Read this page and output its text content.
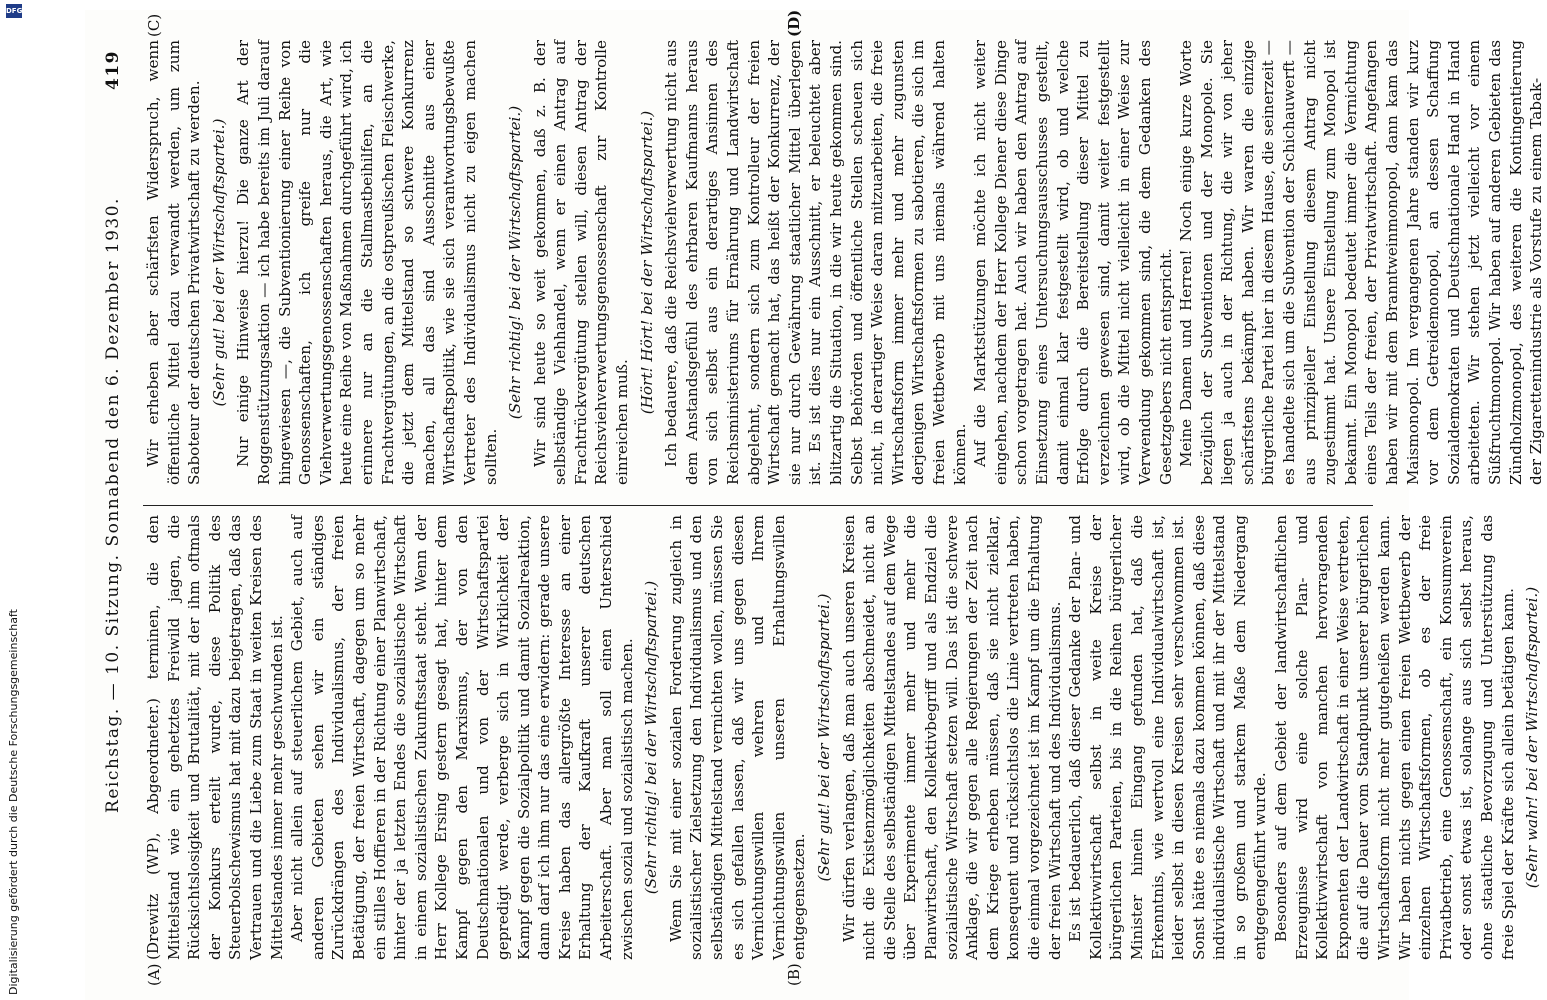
Reichstag. — 10. Sitzung. Sonnabend den 6. Dezember 1930.
419
(A)	(B)
(C)	(D)

(Drewitz (WP), Abgeordneter.) terminen, die den Mittelstand wie ein gehetztes Freiwild jagen, die Rücksichtslosigkeit und Brutalität, mit der ihm oftmals der Konkurs erteilt wurde, diese Politik des Steuerbolschewismus hat mit dazu beigetragen, daß das Vertrauen und die Liebe zum Staat in weiten Kreisen des Mittelstandes immer mehr geschwunden ist. Aber nicht allein auf steuerlichem Gebiet, auch auf anderen Gebieten sehen wir ein ständiges Zurückdrängen des Individualismus, der freien Betätigung, der freien Wirtschaft, dagegen um so mehr ein stilles Hoffieren in der Richtung einer Planwirtschaft, hinter der ja letzten Endes die sozialistische Wirtschaft in einem sozialistischen Zukunftsstaat steht. Wenn der Herr Kollege Ersing gestern gesagt hat, hinter dem Kampf gegen den Marxismus, der von den Deutschnationalen und von der Wirtschaftspartei gepredigt werde, verberge sich in Wirklichkeit der Kampf gegen die Sozialpolitik und damit Sozialreaktion, dann darf ich ihm nur das eine erwidern: gerade unsere Kreise haben das allergrößte Interesse an einer Erhaltung der Kaufkraft unserer deutschen Arbeiterschaft. Aber man soll einen Unterschied zwischen sozial und sozialistisch machen. (Sehr richtig! bei der Wirtschaftspartei.) Wenn Sie mit einer sozialen Forderung zugleich in sozialistischer Zielsetzung den Individualismus und den selbständigen Mittelstand vernichten wollen, müssen Sie es sich gefallen lassen, daß wir uns gegen diesen Vernichtungswillen wehren und Ihrem Vernichtungswillen unseren Erhaltungswillen entgegensetzen.

(Sehr gut! bei der Wirtschaftspartei.) Wir dürfen verlangen, daß man auch unseren Kreisen nicht die Existenzmöglichkeiten abschneidet, nicht an die Stelle des selbständigen Mittelstandes auf dem Wege über Experimente immer mehr und mehr die Planwirtschaft, den Kollektivbegriff und als Endziel die sozialistische Wirtschaft setzen will. Das ist die schwere Anklage, die wir gegen alle Regierungen der Zeit nach dem Kriege erheben müssen, daß sie nicht zielklar, konsequent und rücksichtslos die Linie vertreten haben, die einmal vorgezeichnet ist im Kampf um die Erhaltung der freien Wirtschaft und des Individualismus. Es ist bedauerlich, daß dieser Gedanke der Plan- und Kollektivwirtschaft selbst in weite Kreise der bürgerlichen Parteien, bis in die Reihen bürgerlicher Minister hinein Eingang gefunden hat, daß die Erkenntnis, wie wertvoll eine Individualwirtschaft ist, leider selbst in diesen Kreisen sehr verschwommen ist. Sonst hätte es niemals dazu kommen können, daß diese individualistische Wirtschaft und mit ihr der Mittelstand in so großem und starkem Maße dem Niedergang entgegengeführt wurde. Besonders auf dem Gebiet der landwirtschaftlichen Erzeugnisse wird eine solche Plan- und Kollektivwirtschaft von manchen hervorragenden Exponenten der Landwirtschaft in einer Weise vertreten, die auf die Dauer vom Standpunkt unserer bürgerlichen Wirtschaftsform nicht mehr gutgeheißen werden kann. Wir haben nichts gegen einen freien Wettbewerb der einzelnen Wirtschaftsformen, ob es der freie Privatbetrieb, eine Genossenschaft, ein Konsumverein oder sonst etwas ist, solange aus sich selbst heraus, ohne staatliche Bevorzugung und Unterstützung das freie Spiel der Kräfte sich allein betätigen kann. (Sehr wahr! bei der Wirtschaftspartei.)

Wir erheben aber schärfsten Widerspruch, wenn öffentliche Mittel dazu verwandt werden, um zum Saboteur der deutschen Privatwirtschaft zu werden. (Sehr gut! bei der Wirtschaftspartei.) Nur einige Hinweise hierzu! Die ganze Art der Roggenstützungsaktion — ich habe bereits im Juli darauf hingewiesen —, die Subventionierung einer Reihe von Genossenschaften, ich greife nur die Viehverwertungsgenossenschaften heraus, die Art, wie heute eine Reihe von Maßnahmen durchgeführt wird, ich erinnere nur an die Stallmastbeihilfen, an die Frachtvergütungen, an die ostpreußischen Fleischwerke, die jetzt dem Mittelstand so schwere Konkurrenz machen, all das sind Ausschnitte aus einer Wirtschaftspolitik, wie sie sich verantwortungsbewußte Vertreter des Individualismus nicht zu eigen machen sollten.

(Sehr richtig! bei der Wirtschaftspartei.) Wir sind heute so weit gekommen, daß z. B. der selbständige Viehhandel, wenn er einen Antrag auf Frachtrückvergütung stellen will, diesen Antrag der Reichsviehverwertungsgenossenschaft zur Kontrolle einreichen muß.

(Hört! Hört! bei der Wirtschaftspartei.) Ich bedauere, daß die Reichsviehverwertung nicht aus dem Anstandsgefühl des ehrbaren Kaufmanns heraus von sich selbst aus ein derartiges Ansinnen des Reichsministeriums für Ernährung und Landwirtschaft abgelehnt, sondern sich zum Kontrolleur der freien Wirtschaft gemacht hat, das heißt der Konkurrenz, der sie nur durch Gewährung staatlicher Mittel überlegen ist. Es ist dies nur ein Ausschnitt, er beleuchtet aber blitzartig die Situation, in die wir heute gekommen sind. Selbst Behörden und öffentliche Stellen scheuen sich nicht, in derartiger Weise daran mitzuarbeiten, die freie Wirtschaftsform immer mehr und mehr zugunsten derjenigen Wirtschaftsformen zu sabotieren, die sich im freien Wettbewerb mit uns niemals während halten können. Auf die Marktstützungen möchte ich nicht weiter eingehen, nachdem der Herr Kollege Diener diese Dinge schon vorgetragen hat. Auch wir haben den Antrag auf Einsetzung eines Untersuchungsausschusses gestellt, damit einmal klar festgestellt wird, ob und welche Erfolge durch die Bereitstellung dieser Mittel zu verzeichnen gewesen sind, damit weiter festgestellt wird, ob die Mittel nicht vielleicht in einer Weise zur Verwendung gekommen sind, die dem Gedanken des Gesetzgebers nicht entspricht. Meine Damen und Herren! Noch einige kurze Worte bezüglich der Subventionen und der Monopole. Sie liegen ja auch in der Richtung, die wir von jeher schärfstens bekämpft haben. Wir waren die einzige bürgerliche Partei hier in diesem Hause, die seinerzeit — es handelte sich um die Subvention der Schichauwerft — aus prinzipieller Einstellung diesem Antrag nicht zugestimmt hat. Unsere Einstellung zum Monopol ist bekannt. Ein Monopol bedeutet immer die Vernichtung eines Teils der freien, der Privatwirtschaft. Angefangen haben wir mit dem Branntweinmonopol, dann kam das Maismonopol. Im vergangenen Jahre standen wir kurz vor dem Getreidemonopol, an dessen Schaffung Sozialdemokraten und Deutschnationale Hand in Hand arbeiteten. Wir stehen jetzt vielleicht vor einem Süßfruchtmonopol. Wir haben auf anderen Gebieten das Zündholzmonopol, des weiteren die Kontingentierung der Zigarettenindustrie als Vorstufe zu einem Tabak-

Digitalisierung gefördert durch die Deutsche Forschungsgemeinschaft
DFG
